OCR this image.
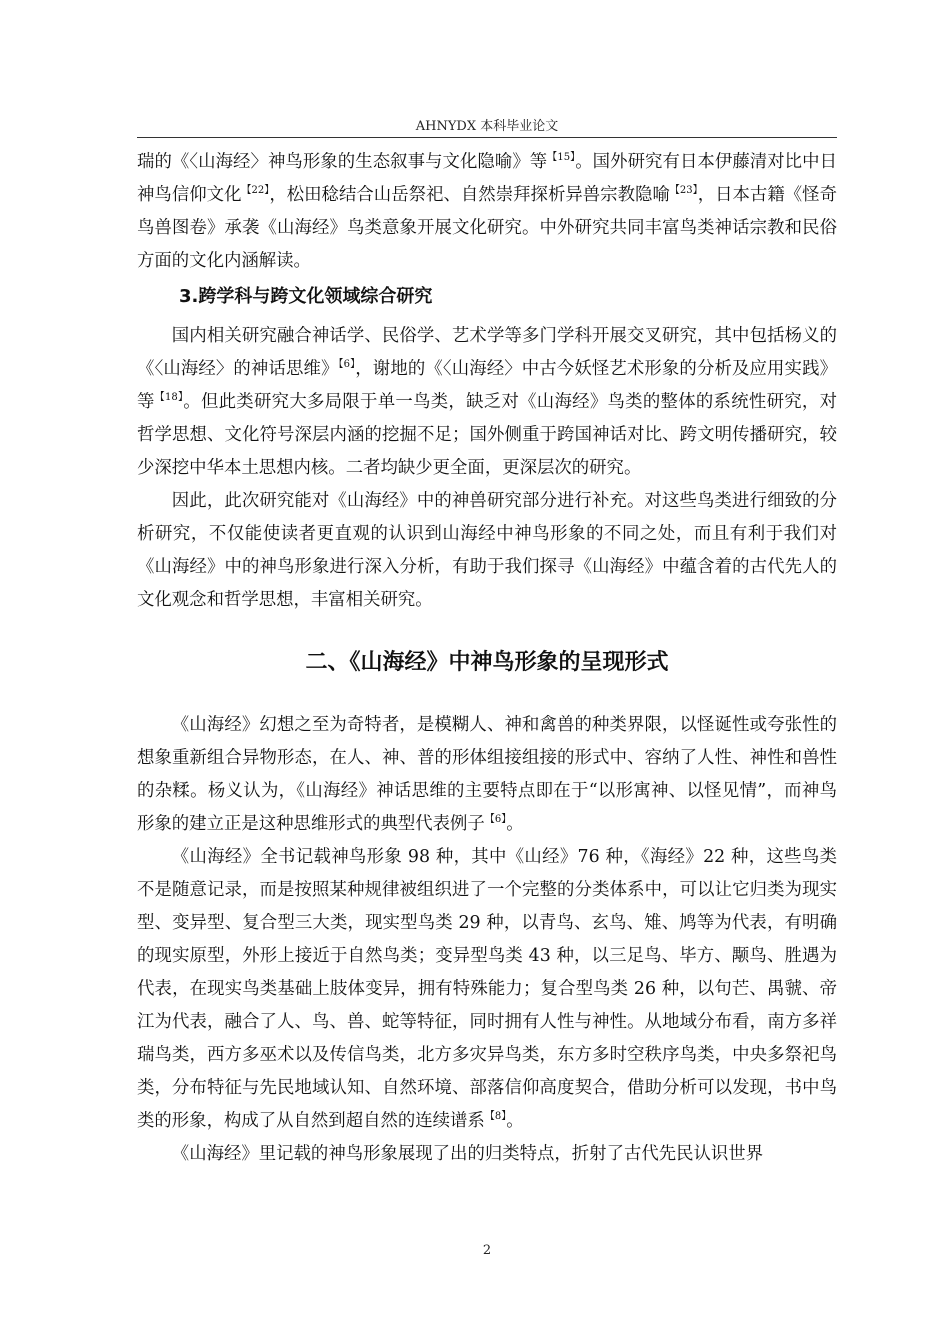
AHNYDX 本科毕业论文

瑞的《〈山海经〉神鸟形象的生态叙事与文化隐喻》等$^{【15】}$。国外研究有日本伊藤清对比中日神鸟信仰文化$^{【22】}$，松田稔结合山岳祭祀、自然崇拜探析异兽宗教隐喻$^{【23】}$，日本古籍《怪奇鸟兽图卷》承袭《山海经》鸟类意象开展文化研究。中外研究共同丰富鸟类神话宗教和民俗方面的文化内涵解读。

3.跨学科与跨文化领域综合研究

国内相关研究融合神话学、民俗学、艺术学等多门学科开展交叉研究，其中包括杨义的《〈山海经〉的神话思维》$^{【6】}$，谢地的《〈山海经〉中古今妖怪艺术形象的分析及应用实践》等$^{【18】}$。但此类研究大多局限于单一鸟类，缺乏对《山海经》鸟类的整体的系统性研究，对哲学思想、文化符号深层内涵的挖掘不足；国外侧重于跨国神话对比、跨文明传播研究，较少深挖中华本土思想内核。二者均缺少更全面，更深层次的研究。

因此，此次研究能对《山海经》中的神兽研究部分进行补充。对这些鸟类进行细致的分析研究，不仅能使读者更直观的认识到山海经中神鸟形象的不同之处，而且有利于我们对《山海经》中的神鸟形象进行深入分析，有助于我们探寻《山海经》中蕴含着的古代先人的文化观念和哲学思想，丰富相关研究。

二、《山海经》中神鸟形象的呈现形式

《山海经》幻想之至为奇特者，是模糊人、神和禽兽的种类界限，以怪诞性或夸张性的想象重新组合异物形态，在人、神、普的形体组接组接的形式中、容纳了人性、神性和兽性的杂糅。杨义认为，《山海经》神话思维的主要特点即在于“以形寓神、以怪见情”，而神鸟形象的建立正是这种思维形式的典型代表例子$^{【6】}$。

《山海经》全书记载神鸟形象 98 种，其中《山经》76 种，《海经》22 种，这些鸟类不是随意记录，而是按照某种规律被组织进了一个完整的分类体系中，可以让它归类为现实型、变异型、复合型三大类，现实型鸟类 29 种，以青鸟、玄鸟、雉、鸠等为代表，有明确的现实原型，外形上接近于自然鸟类；变异型鸟类 43 种，以三足鸟、毕方、颙鸟、胜遇为代表，在现实鸟类基础上肢体变异，拥有特殊能力；复合型鸟类 26 种，以句芒、禺虢、帝江为代表，融合了人、鸟、兽、蛇等特征，同时拥有人性与神性。从地域分布看，南方多祥瑞鸟类，西方多巫术以及传信鸟类，北方多灾异鸟类，东方多时空秩序鸟类，中央多祭祀鸟类，分布特征与先民地域认知、自然环境、部落信仰高度契合，借助分析可以发现，书中鸟类的形象，构成了从自然到超自然的连续谱系$^{【8】}$。

《山海经》里记载的神鸟形象展现了出的归类特点，折射了古代先民认识世界

2
